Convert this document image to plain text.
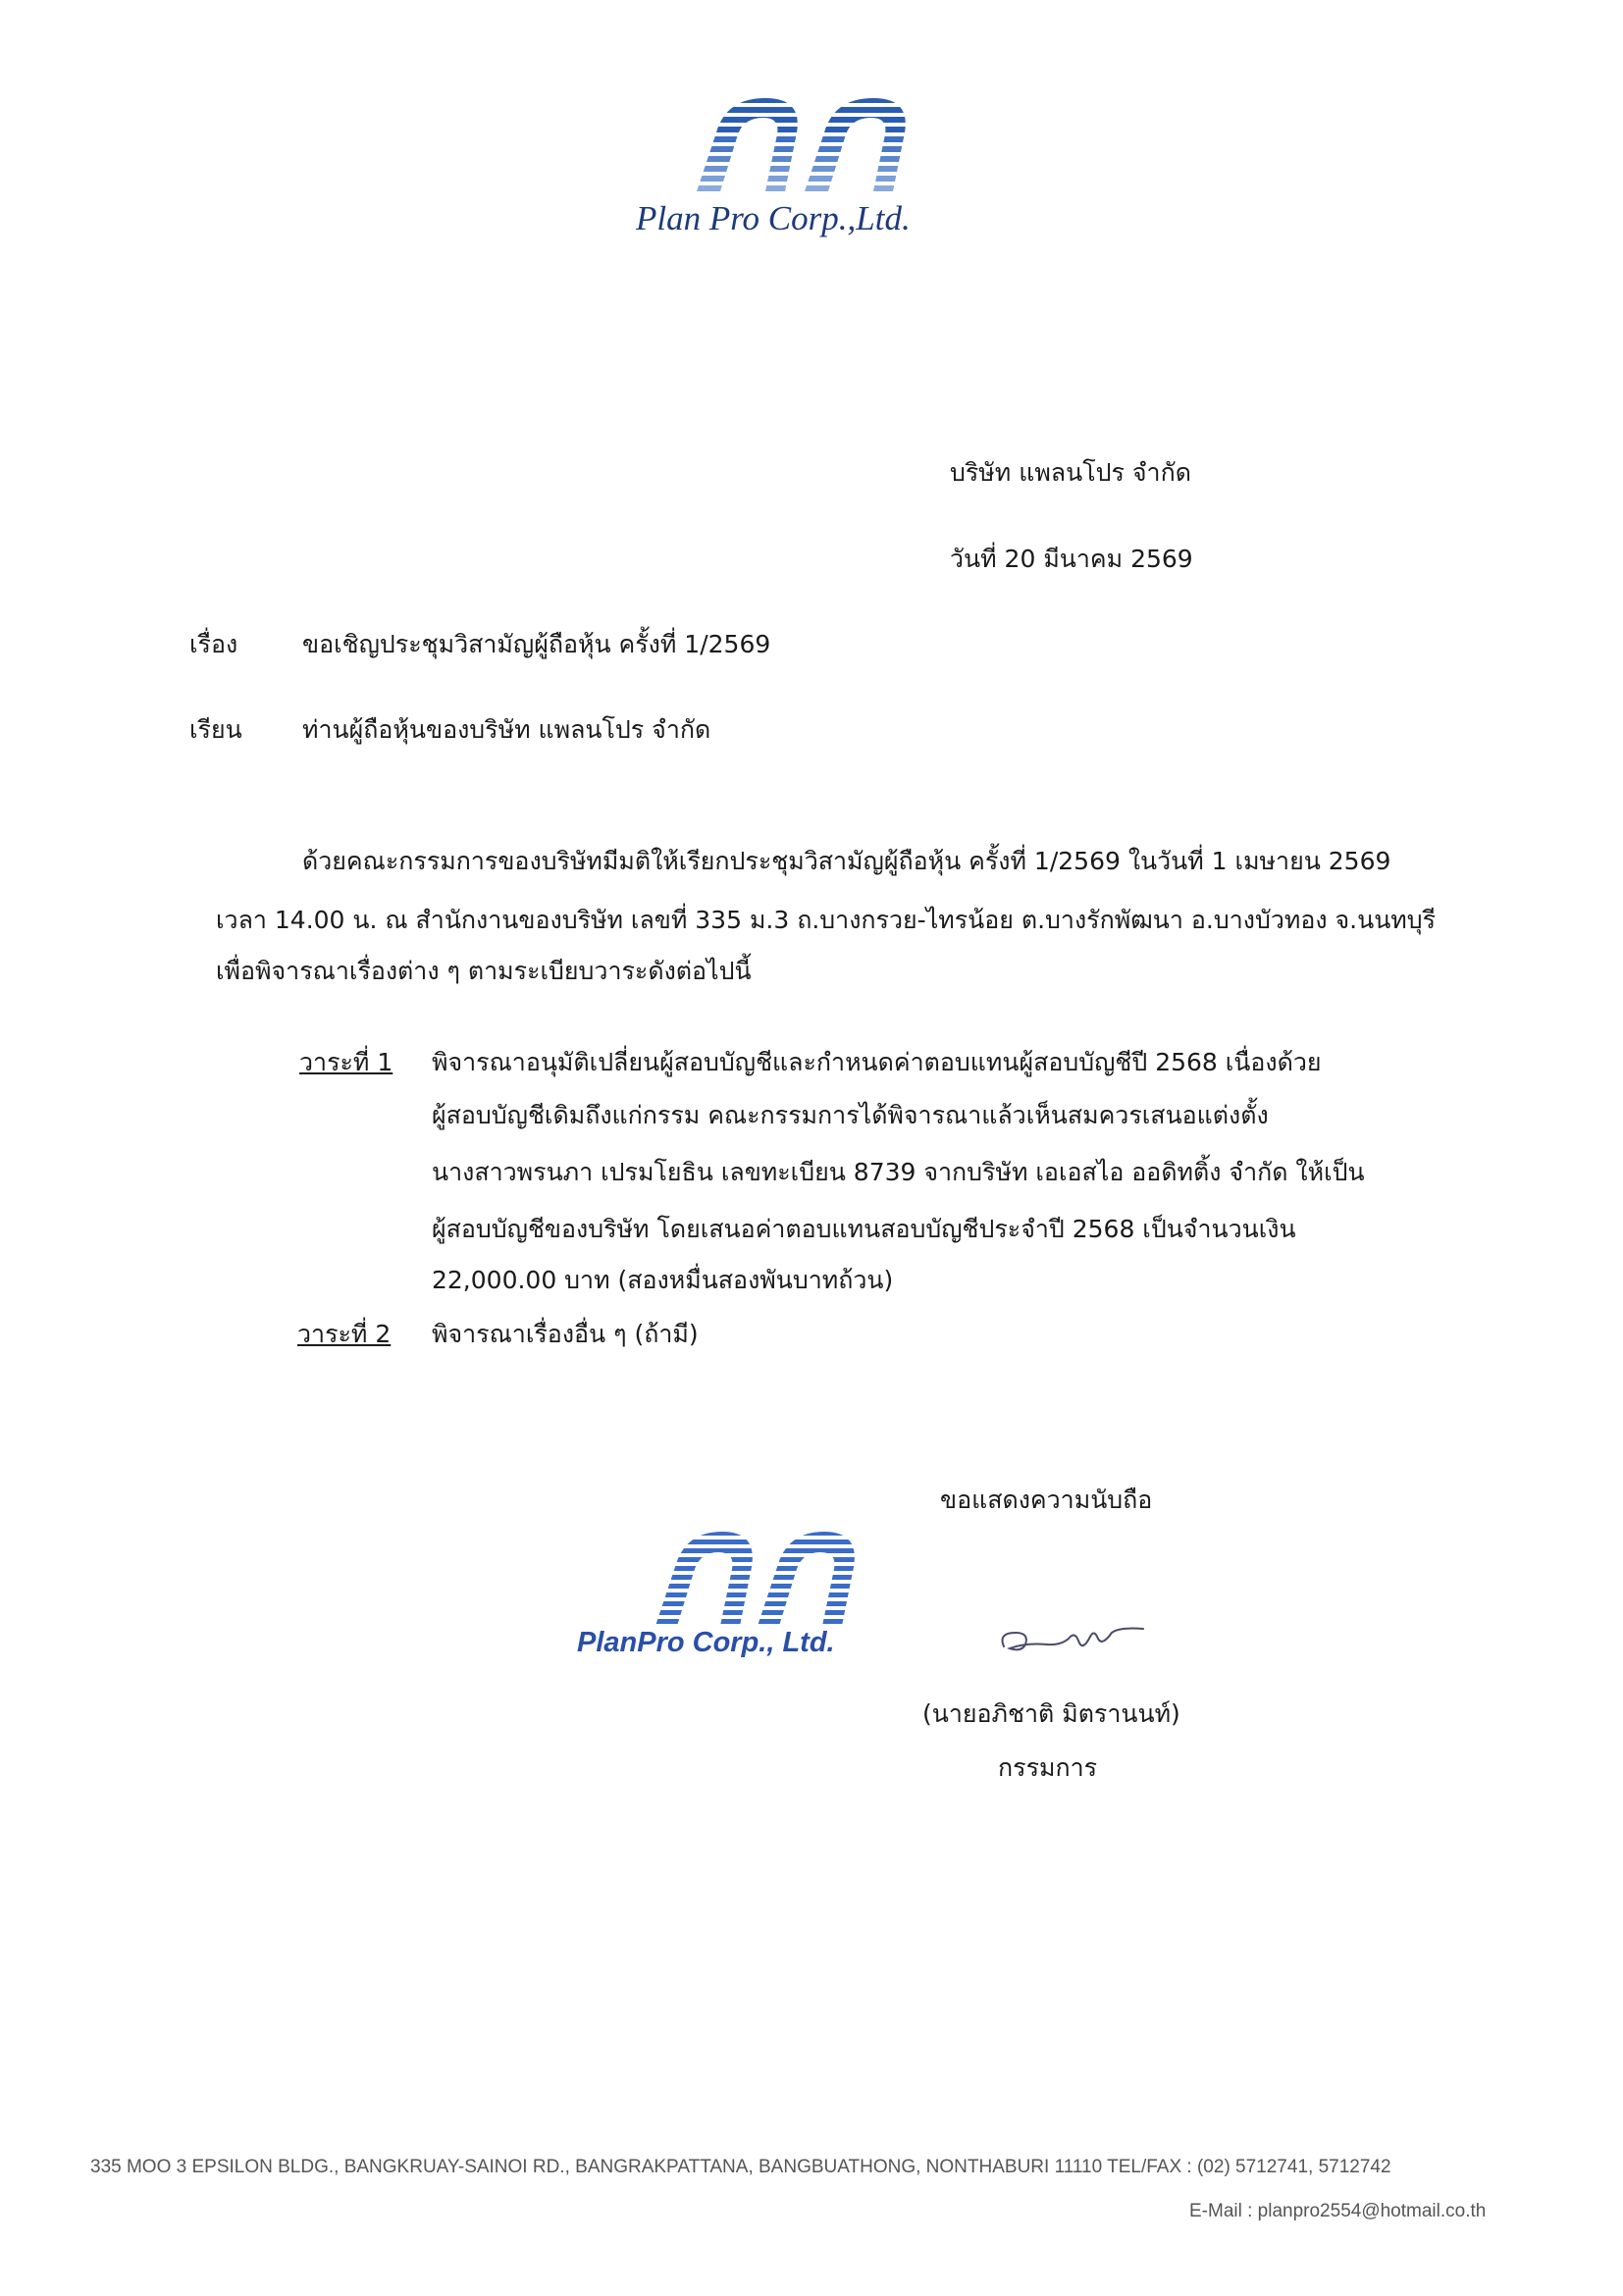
Plan Pro Corp.,Ltd.
บริษัท แพลนโปร จำกัด
วันที่ 20 มีนาคม 2569
เรื่อง	ขอเชิญประชุมวิสามัญผู้ถือหุ้น ครั้งที่ 1/2569
เรียน ท่านผู้ถือหุ้นของบริษัท แพลนโปร จำกัด
ด้วยคณะกรรมการของบริษัทมีมติให้เรียกประชุมวิสามัญผู้ถือหุ้น ครั้งที่ 1/2569 ในวันที่ 1 เมษายน 2569
เวลา 14.00 น. ณ สำนักงานของบริษัท เลขที่ 335 ม.3 ถ.บางกรวย-ไทรน้อย ต.บางรักพัฒนา อ.บางบัวทอง จ.นนทบุรี
เพื่อพิจารณาเรื่องต่าง ๆ ตามระเบียบวาระดังต่อไปนี้
วาระที่ 1 พิจารณาอนุมัติเปลี่ยนผู้สอบบัญชีและกำหนดค่าตอบแทนผู้สอบบัญชีปี 2568 เนื่องด้วย
ผู้สอบบัญชีเดิมถึงแก่กรรม คณะกรรมการได้พิจารณาแล้วเห็นสมควรเสนอแต่งตั้ง
นางสาวพรนภา เปรมโยธิน เลขทะเบียน 8739 จากบริษัท เอเอสไอ ออดิทติ้ง จำกัด ให้เป็น
ผู้สอบบัญชีของบริษัท โดยเสนอค่าตอบแทนสอบบัญชีประจำปี 2568 เป็นจำนวนเงิน
22,000.00 บาท (สองหมื่นสองพันบาทถ้วน)
วาระที่ 2 พิจารณาเรื่องอื่น ๆ (ถ้ามี)
ขอแสดงความนับถือ
PlanPro Corp., Ltd.
(นายอภิชาติ มิตรานนท์)
กรรมการ
335 MOO 3 EPSILON BLDG., BANGKRUAY-SAINOI RD., BANGRAKPATTANA, BANGBUATHONG, NONTHABURI 11110 TEL/FAX : (02) 5712741, 5712742
E-Mail : planpro2554@hotmail.co.th
